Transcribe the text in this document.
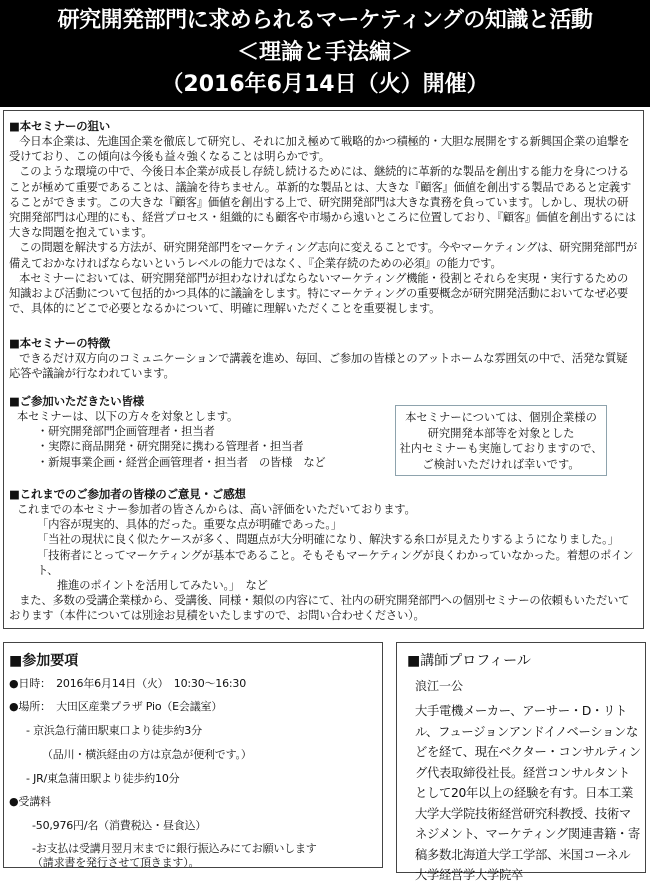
研究開発部門に求められるマーケティングの知識と活動
＜理論と手法編＞
（2016年6月14日（火）開催）
■本セミナーの狙い

今日本企業は、先進国企業を徹底して研究し、それに加え極めて戦略的かつ積極的・大胆な展開をする新興国企業の追撃を受けており、この傾向は今後も益々強くなることは明らかです。

このような環境の中で、今後日本企業が成長し存続し続けるためには、継続的に革新的な製品を創出する能力を身につけることが極めて重要であることは、議論を待ちません。革新的な製品とは、大きな『顧客』価値を創出する製品であると定義することができます。この大きな『顧客』価値を創出する上で、研究開発部門は大きな責務を負っています。しかし、現状の研究開発部門は心理的にも、経営プロセス・組織的にも顧客や市場から遠いところに位置しており、『顧客』価値を創出するには大きな問題を抱えています。

この問題を解決する方法が、研究開発部門をマーケティング志向に変えることです。今やマーケティングは、研究開発部門が備えておかなければならないというレベルの能力ではなく、『企業存続のための必須』の能力です。

本セミナーにおいては、研究開発部門が担わなければならないマーケティング機能・役割とそれらを実現・実行するための知識および活動について包括的かつ具体的に議論をします。特にマーケティングの重要概念が研究開発活動においてなぜ必要で、具体的にどこで必要となるかについて、明確に理解いただくことを重要視します。

■本セミナーの特徴

できるだけ双方向のコミュニケーションで講義を進め、毎回、ご参加の皆様とのアットホームな雰囲気の中で、活発な質疑応答や議論が行なわれています。

■ご参加いただきたい皆様

本セミナーは、以下の方々を対象とします。

・研究開発部門企画管理者・担当者

・実際に商品開発・研究開発に携わる管理者・担当者

・新規事業企画・経営企画管理者・担当者　の皆様　など

本セミナーについては、個別企業様の
研究開発本部等を対象とした
社内セミナーも実施しておりますので、
ご検討いただければ幸いです。
■これまでのご参加者の皆様のご意見・ご感想

これまでの本セミナー参加者の皆さんからは、高い評価をいただいております。

「内容が現実的、具体的だった。重要な点が明確であった。」

「当社の現状に良く似たケースが多く、問題点が大分明確になり、解決する糸口が見えたりするようになりました。」

「技術者にとってマーケティングが基本であること。そもそもマーケティングが良くわかっていなかった。着想のポイント、

推進のポイントを活用してみたい。」　など

また、多数の受講企業様から、受講後、同様・類似の内容にて、社内の研究開発部門への個別セミナーの依頼もいただいております（本件については別途お見積をいたしますので、お問い合わせください）。

■参加要項
●日時：　2016年6月14日（火）　10:30～16:30
●場所：　大田区産業プラザ Pio（E会議室）
- 京浜急行蒲田駅東口より徒歩約3分
（品川・横浜経由の方は京急が便利です。）
- JR/東急蒲田駅より徒歩約10分
●受講料
-50,976円/名（消費税込・昼食込）
-お支払は受講月翌月末までに銀行振込みにてお願いします
（請求書を発行させて頂きます）。
■講師プロフィール
浪江一公
大手電機メーカー、アーサー・D・リトル、フュージョンアンドイノベーションなどを経て、現在ベクター・コンサルティング代表取締役社長。経営コンサルタントとして20年以上の経験を有す。日本工業大学大学院技術経営研究科教授、技術マネジメント、マーケティング関連書籍・寄稿多数北海道大学工学部、米国コーネル大学経営学大学院卒
